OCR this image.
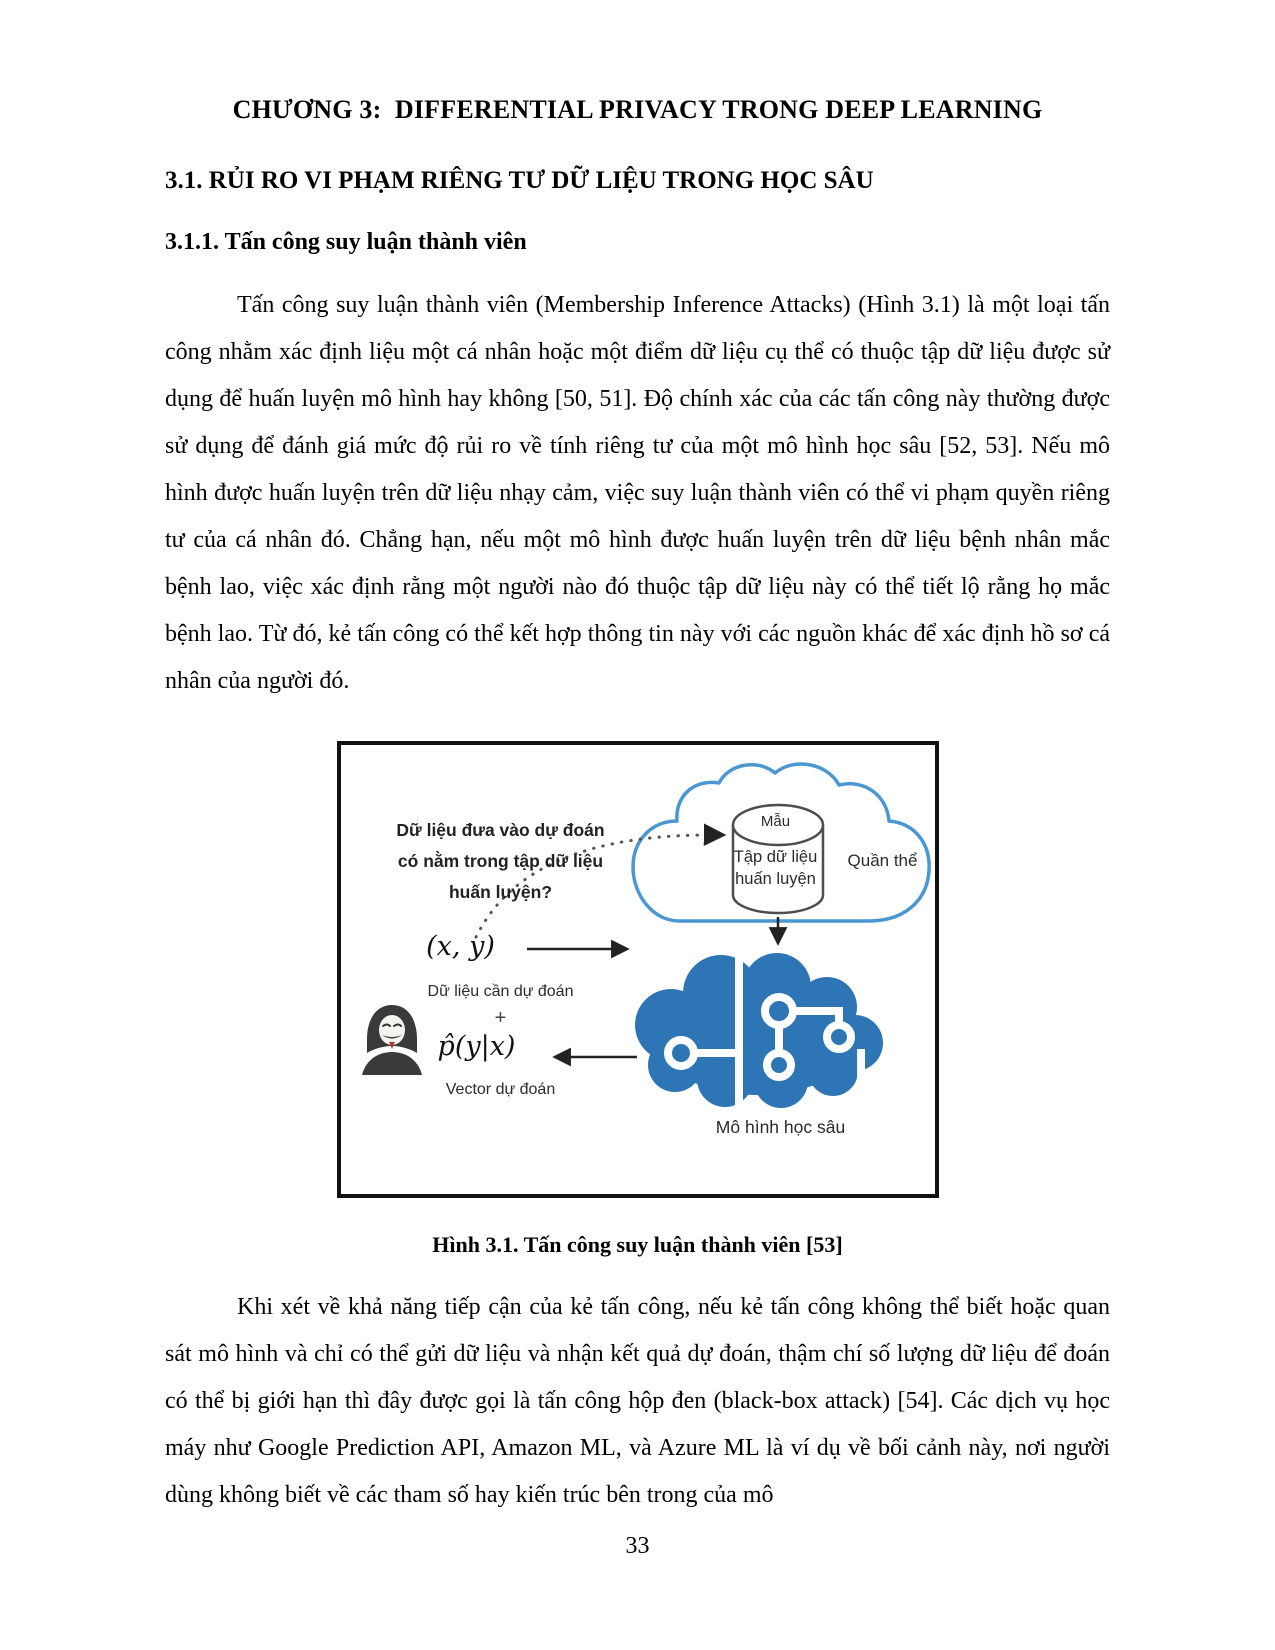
CHƯƠNG 3:  DIFFERENTIAL PRIVACY TRONG DEEP LEARNING
3.1. RỦI RO VI PHẠM RIÊNG TƯ DỮ LIỆU TRONG HỌC SÂU
3.1.1. Tấn công suy luận thành viên

Tấn công suy luận thành viên (Membership Inference Attacks) (Hình 3.1) là một loại tấn công nhằm xác định liệu một cá nhân hoặc một điểm dữ liệu cụ thể có thuộc tập dữ liệu được sử dụng để huấn luyện mô hình hay không [50, 51]. Độ chính xác của các tấn công này thường được sử dụng để đánh giá mức độ rủi ro về tính riêng tư của một mô hình học sâu [52, 53]. Nếu mô hình được huấn luyện trên dữ liệu nhạy cảm, việc suy luận thành viên có thể vi phạm quyền riêng tư của cá nhân đó. Chẳng hạn, nếu một mô hình được huấn luyện trên dữ liệu bệnh nhân mắc bệnh lao, việc xác định rằng một người nào đó thuộc tập dữ liệu này có thể tiết lộ rằng họ mắc bệnh lao. Từ đó, kẻ tấn công có thể kết hợp thông tin này với các nguồn khác để xác định hồ sơ cá nhân của người đó.

Dữ liệu đưa vào dự đoán
có nằm trong tập dữ liệu
huấn luyện?
Mẫu
Tập dữ liệu
huấn luyện
Quần thể
(x, y)
Dữ liệu cần dự đoán
+
p̂(y|x)
Vector dự đoán
Mô hình học sâu
Hình 3.1. Tấn công suy luận thành viên [53]

Khi xét về khả năng tiếp cận của kẻ tấn công, nếu kẻ tấn công không thể biết hoặc quan sát mô hình và chỉ có thể gửi dữ liệu và nhận kết quả dự đoán, thậm chí số lượng dữ liệu để đoán có thể bị giới hạn thì đây được gọi là tấn công hộp đen (black-box attack) [54]. Các dịch vụ học máy như Google Prediction API, Amazon ML, và Azure ML là ví dụ về bối cảnh này, nơi người dùng không biết về các tham số hay kiến trúc bên trong của mô

33
